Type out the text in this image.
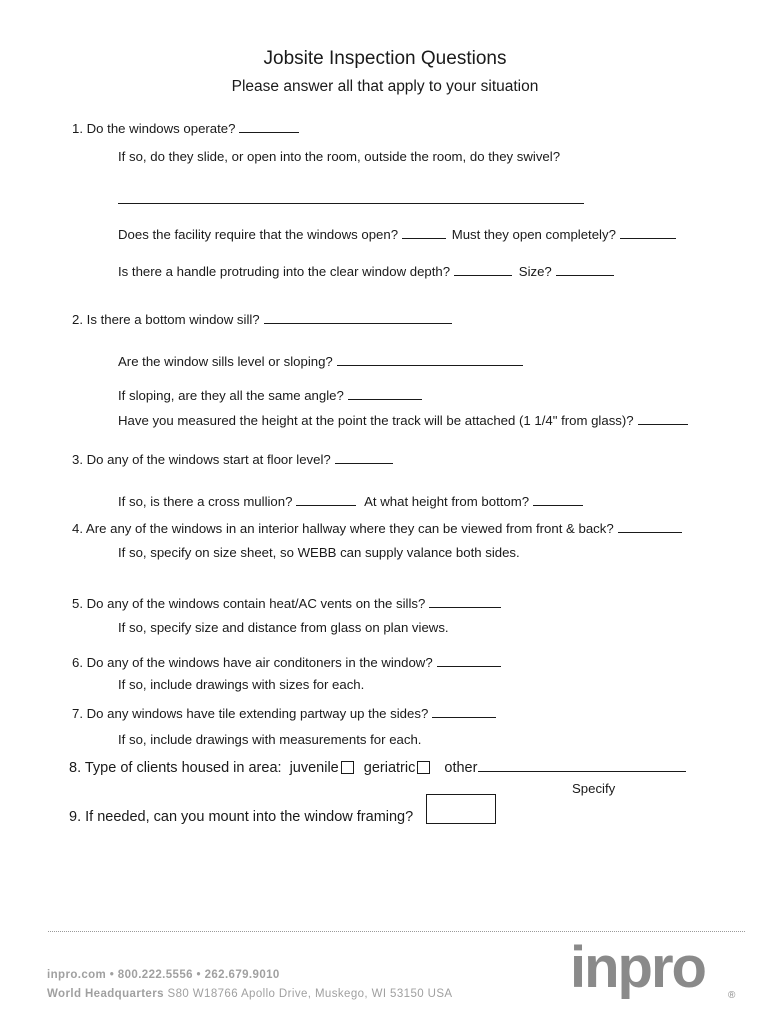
Jobsite Inspection Questions
Please answer all that apply to your situation
1. Do the windows operate?
If so, do they slide, or open into the room, outside the room, do they swivel?
Does the facility require that the windows open?	Must they open completely?
Is there a handle protruding into the clear window depth?	Size?
2. Is there a bottom window sill?
Are the window sills level or sloping?
If sloping, are they all the same angle?
Have you measured the height at the point the track will be attached (1 1/4" from glass)?
3. Do any of the windows start at floor level?
If so, is there a cross mullion?	At what height from bottom?
4. Are any of the windows in an interior hallway where they can be viewed from front & back?
If so, specify on size sheet, so WEBB can supply valance both sides.
5. Do any of the windows contain heat/AC vents on the sills?
If so, specify size and distance from glass on plan views.
6. Do any of the windows have air conditoners in the window?
If so, include drawings with sizes for each.
7. Do any windows have tile extending partway up the sides?
If so, include drawings with measurements for each.
8. Type of clients housed in area: juvenile geriatric other
Specify
9. If needed, can you mount into the window framing?
inpro.com • 800.222.5556 • 262.679.9010
World Headquarters S80 W18766 Apollo Drive, Muskego, WI 53150 USA inpro ®
